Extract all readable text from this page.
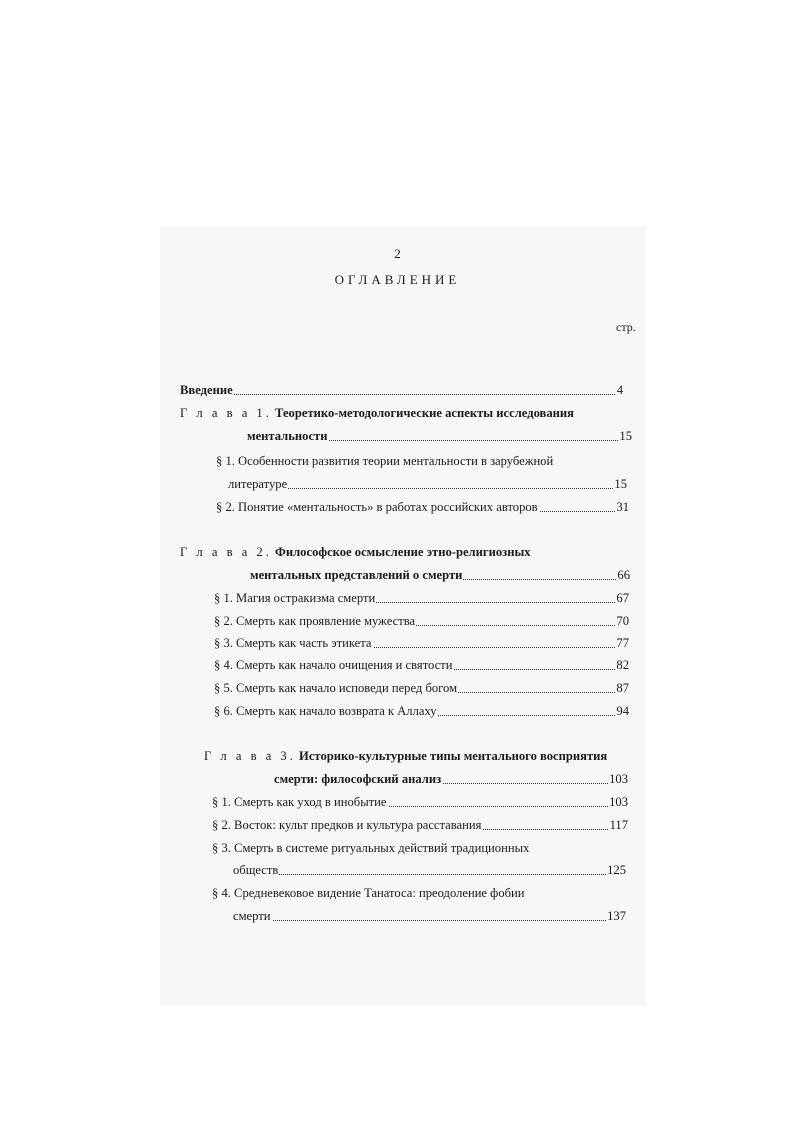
2
ОГЛАВЛЕНИЕ
стр.
Введение	4
Г л а в а 1. Теоретико-методологические аспекты исследования
ментальности	15
§ 1. Особенности развития теории ментальности в зарубежной
литературе	15
§ 2. Понятие «ментальность» в работах российских авторов	31
Г л а в а 2. Философское осмысление этно-религиозных
ментальных представлений о смерти	66
§ 1. Магия остракизма смерти	67
§ 2. Смерть как проявление мужества	70
§ 3. Смерть как часть этикета	77
§ 4. Смерть как начало очищения и святости	82
§ 5. Смерть как начало исповеди перед богом	87
§ 6. Смерть как начало возврата к Аллаху	94
Г л а в а 3. Историко-культурные типы ментального восприятия
смерти: философский анализ	103
§ 1. Смерть как уход в инобытие	103
§ 2. Восток: культ предков и культура расставания	117
§ 3. Смерть в системе ритуальных действий традиционных
обществ	125
§ 4. Средневековое видение Танатоса: преодоление фобии
смерти	137
